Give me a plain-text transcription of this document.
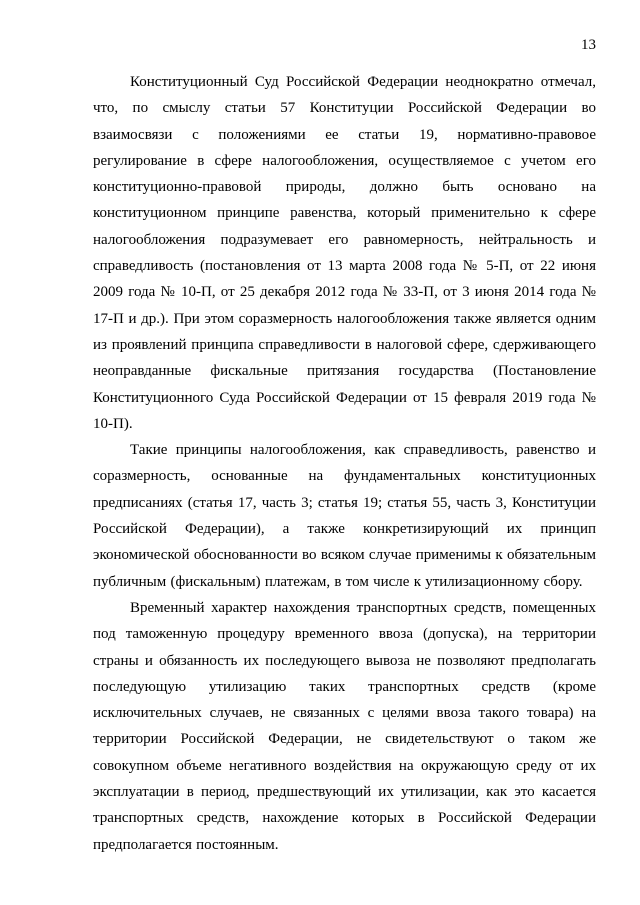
13

Конституционный Суд Российской Федерации неоднократно отмечал, что, по смыслу статьи 57 Конституции Российской Федерации во взаимосвязи с положениями ее статьи 19, нормативно-правовое регулирование в сфере налогообложения, осуществляемое с учетом его конституционно-правовой природы, должно быть основано на конституционном принципе равенства, который применительно к сфере налогообложения подразумевает его равномерность, нейтральность и справедливость (постановления от 13 марта 2008 года № 5-П, от 22 июня 2009 года № 10-П, от 25 декабря 2012 года № 33-П, от 3 июня 2014 года № 17-П и др.). При этом соразмерность налогообложения также является одним из проявлений принципа справедливости в налоговой сфере, сдерживающего неоправданные фискальные притязания государства (Постановление Конституционного Суда Российской Федерации от 15 февраля 2019 года № 10-П).

Такие принципы налогообложения, как справедливость, равенство и соразмерность, основанные на фундаментальных конституционных предписаниях (статья 17, часть 3; статья 19; статья 55, часть 3, Конституции Российской Федерации), а также конкретизирующий их принцип экономической обоснованности во всяком случае применимы к обязательным публичным (фискальным) платежам, в том числе к утилизационному сбору.

Временный характер нахождения транспортных средств, помещенных под таможенную процедуру временного ввоза (допуска), на территории страны и обязанность их последующего вывоза не позволяют предполагать последующую утилизацию таких транспортных средств (кроме исключительных случаев, не связанных с целями ввоза такого товара) на территории Российской Федерации, не свидетельствуют о таком же совокупном объеме негативного воздействия на окружающую среду от их эксплуатации в период, предшествующий их утилизации, как это касается транспортных средств, нахождение которых в Российской Федерации предполагается постоянным.
